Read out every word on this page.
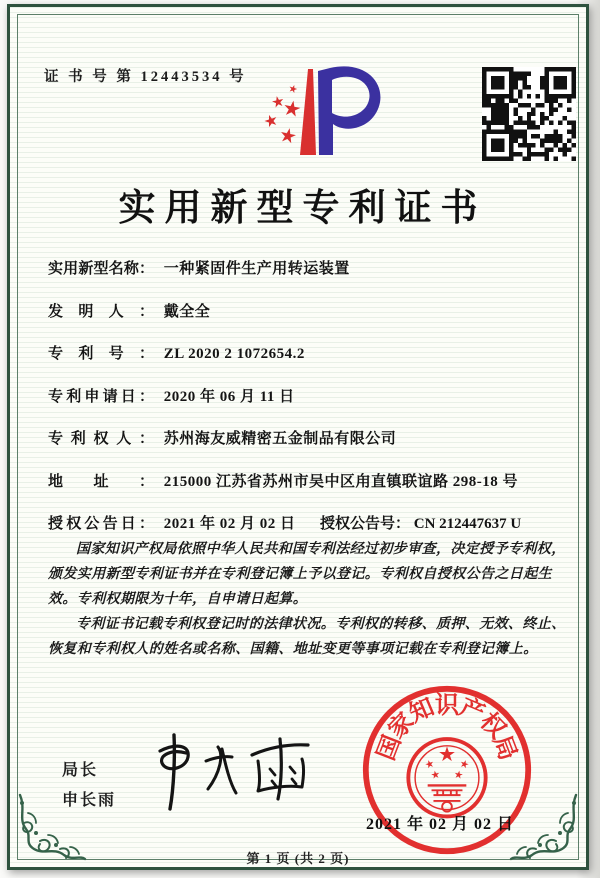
证 书 号 第 12443534 号
实用新型专利证书
实用新型名称： 一种紧固件生产用转运装置
发明人： 戴全全
专利号： ZL 2020 2 1072654.2
专利申请日： 2020 年 06 月 11 日
专利权人： 苏州海友威精密五金制品有限公司
地址： 215000 江苏省苏州市吴中区甪直镇联谊路 298-18 号
授权公告日： 2021 年 02 月 02 日 授权公告号： CN 212447637 U

国家知识产权局依照中华人民共和国专利法经过初步审查，决定授予专利权，颁发实用新型专利证书并在专利登记簿上予以登记。专利权自授权公告之日起生效。专利权期限为十年，自申请日起算。

专利证书记载专利权登记时的法律状况。专利权的转移、质押、无效、终止、恢复和专利权人的姓名或名称、国籍、地址变更等事项记载在专利登记簿上。

局长
申长雨
国
家
知
识
产
权
局
2021 年 02 月 02 日
第 1 页 (共 2 页)
